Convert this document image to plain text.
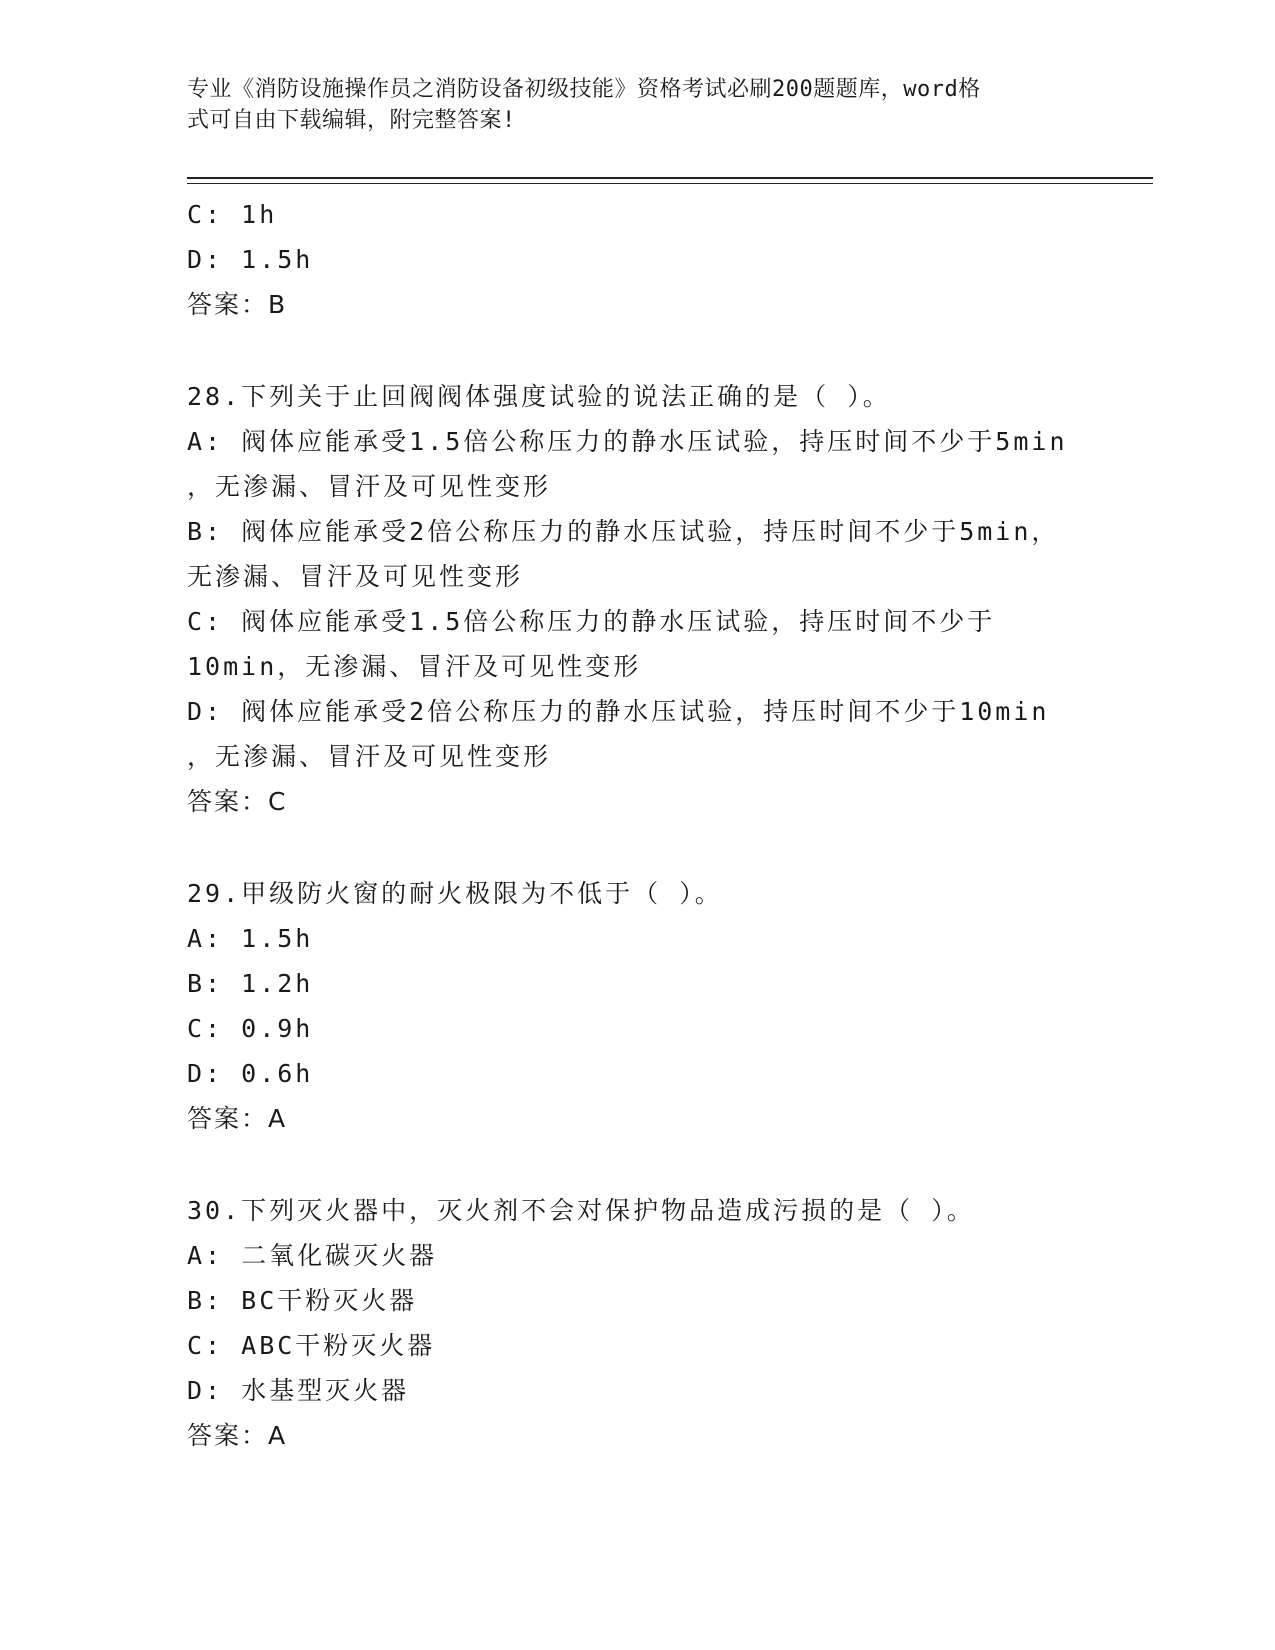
专业《消防设施操作员之消防设备初级技能》资格考试必刷200题题库，word格
式可自由下载编辑，附完整答案!
C: 1h
D: 1.5h
答案：B
28.下列关于止回阀阀体强度试验的说法正确的是（ ）。
A: 阀体应能承受1.5倍公称压力的静水压试验，持压时间不少于5min
，无渗漏、冒汗及可见性变形
B: 阀体应能承受2倍公称压力的静水压试验，持压时间不少于5min，
无渗漏、冒汗及可见性变形
C: 阀体应能承受1.5倍公称压力的静水压试验，持压时间不少于
10min，无渗漏、冒汗及可见性变形
D: 阀体应能承受2倍公称压力的静水压试验，持压时间不少于10min
，无渗漏、冒汗及可见性变形
答案：C
29.甲级防火窗的耐火极限为不低于（ ）。
A: 1.5h
B: 1.2h
C: 0.9h
D: 0.6h
答案：A
30.下列灭火器中，灭火剂不会对保护物品造成污损的是（ ）。
A: 二氧化碳灭火器
B: BC干粉灭火器
C: ABC干粉灭火器
D: 水基型灭火器
答案：A
